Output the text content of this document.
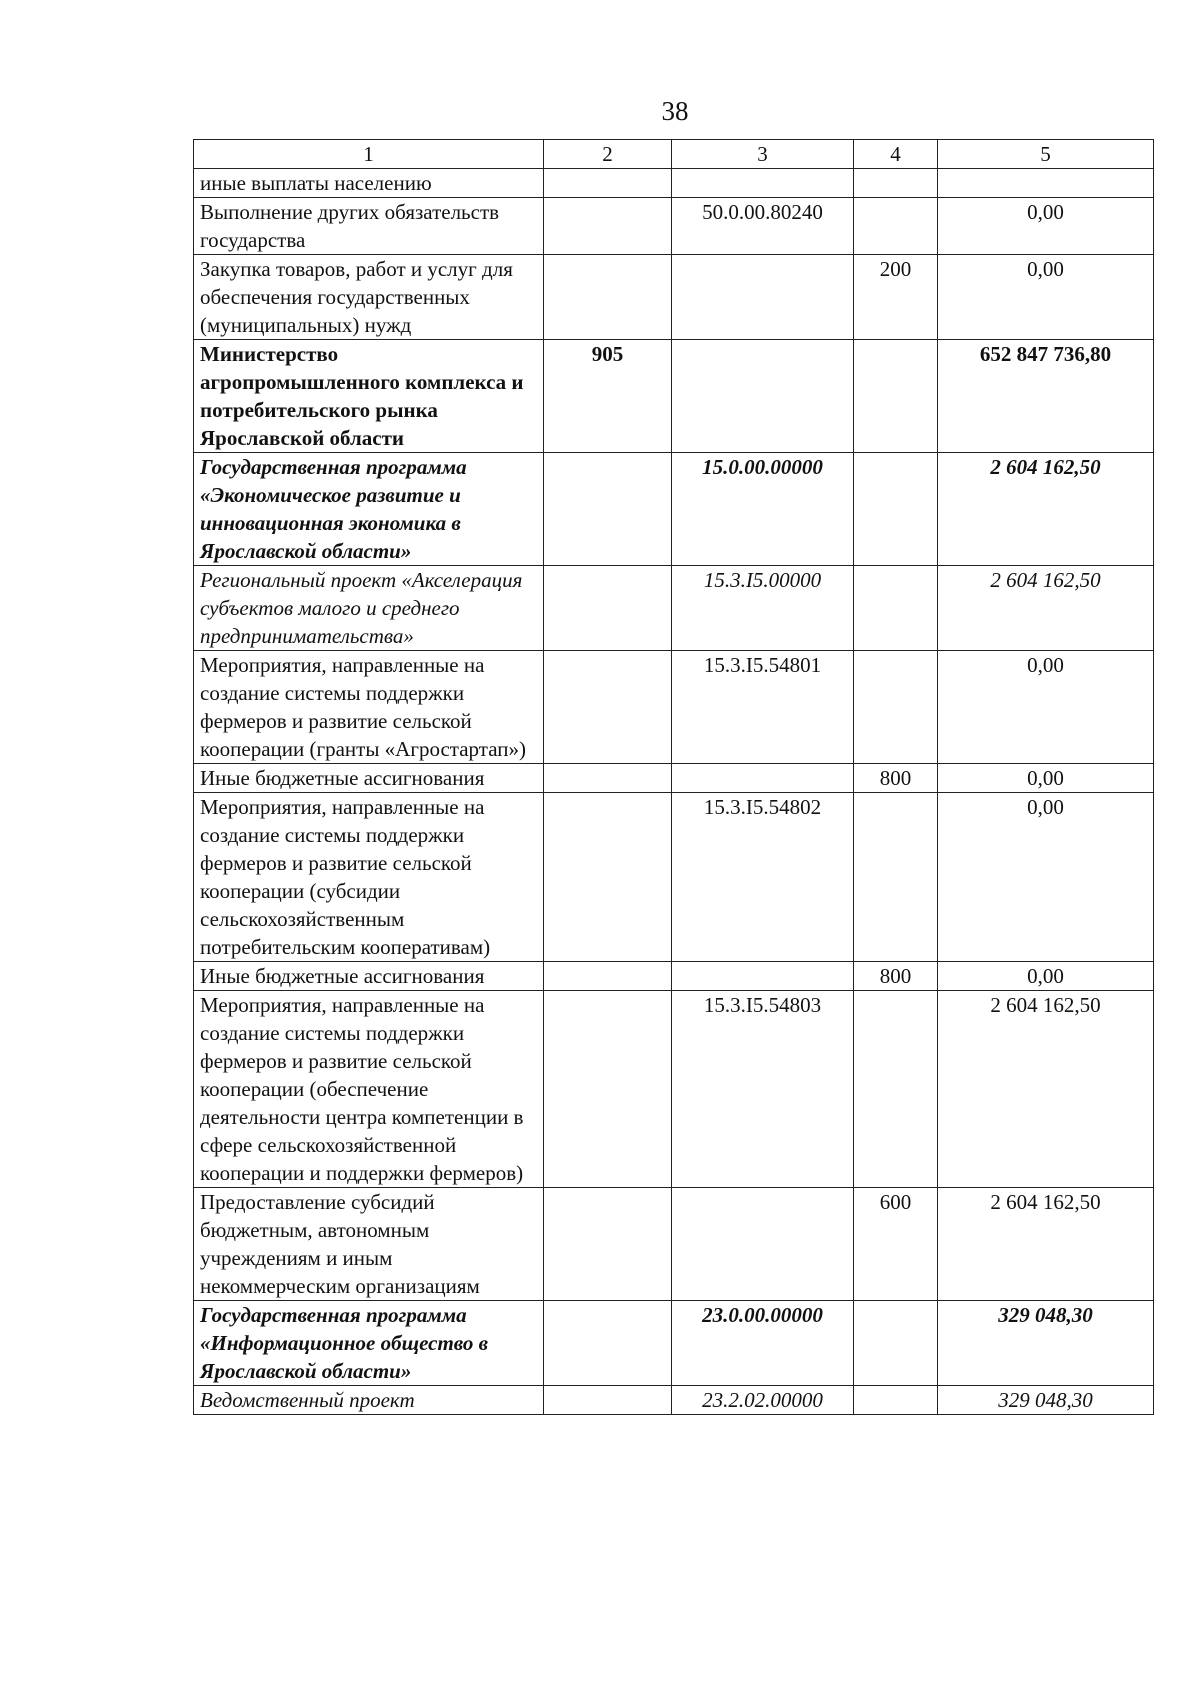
38
1	2	3	4	5
иные выплаты населению				
Выполнение других обязательств государства		50.0.00.80240		0,00
Закупка товаров, работ и услуг для обеспечения государственных (муниципальных) нужд			200	0,00
Министерство агропромышленного комплекса и потребительского рынка Ярославской области	905			652 847 736,80
Государственная программа «Экономическое развитие и инновационная экономика в Ярославской области»		15.0.00.00000		2 604 162,50
Региональный проект «Акселерация субъектов малого и среднего предпринимательства»		15.3.I5.00000		2 604 162,50
Мероприятия, направленные на создание системы поддержки фермеров и развитие сельской кооперации (гранты «Агростартап»)		15.3.I5.54801		0,00
Иные бюджетные ассигнования			800	0,00
Мероприятия, направленные на создание системы поддержки фермеров и развитие сельской кооперации (субсидии сельскохозяйственным потребительским кооперативам)		15.3.I5.54802		0,00
Иные бюджетные ассигнования			800	0,00
Мероприятия, направленные на создание системы поддержки фермеров и развитие сельской кооперации (обеспечение деятельности центра компетенции в сфере сельскохозяйственной кооперации и поддержки фермеров)		15.3.I5.54803		2 604 162,50
Предоставление субсидий бюджетным, автономным учреждениям и иным некоммерческим организациям			600	2 604 162,50
Государственная программа «Информационное общество в Ярославской области»		23.0.00.00000		329 048,30
Ведомственный проект		23.2.02.00000		329 048,30
